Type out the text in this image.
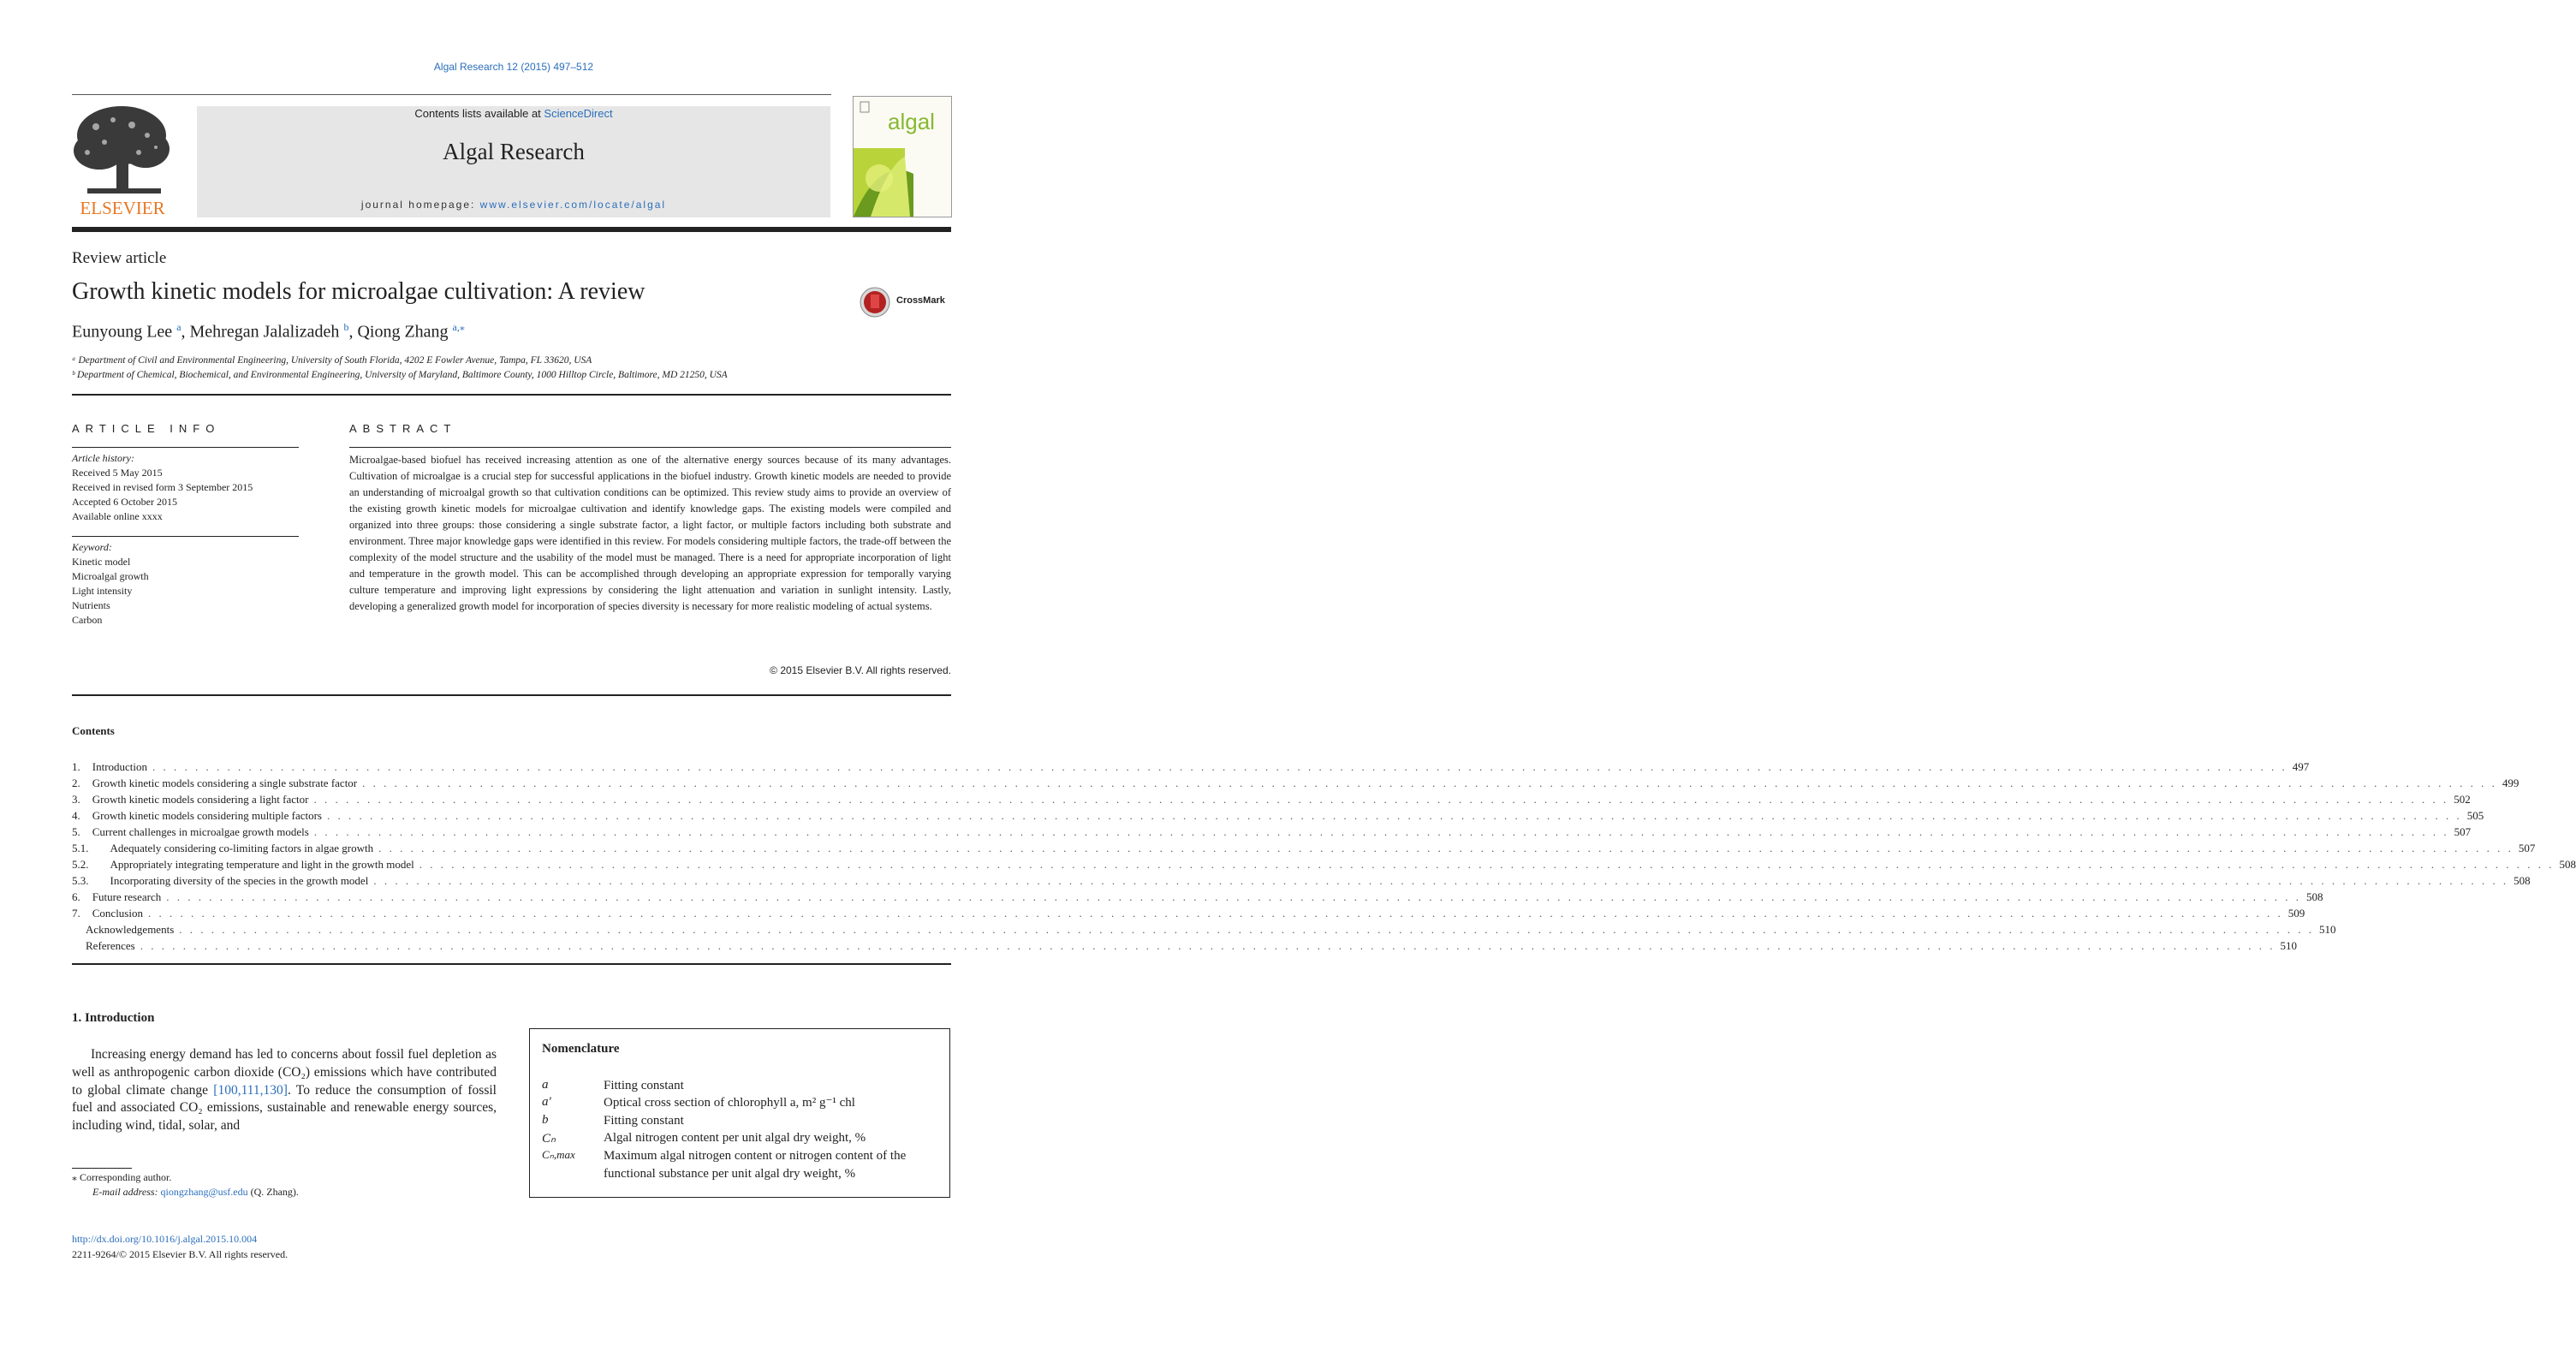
Algal Research 12 (2015) 497–512
ELSEVIER
Contents lists available at ScienceDirect
Algal Research
journal homepage: www.elsevier.com/locate/algal
algal
Review article
Growth kinetic models for microalgae cultivation: A review	CrossMark
Eunyoung Lee $^a$, Mehregan Jalalizadeh $^b$, Qiong Zhang $^{a,⁎}$
ᵃ Department of Civil and Environmental Engineering, University of South Florida, 4202 E Fowler Avenue, Tampa, FL 33620, USA
ᵇ Department of Chemical, Biochemical, and Environmental Engineering, University of Maryland, Baltimore County, 1000 Hilltop Circle, Baltimore, MD 21250, USA
ARTICLE INFO
Article history:
Received 5 May 2015
Received in revised form 3 September 2015
Accepted 6 October 2015
Available online xxxx
Keyword:
Kinetic model
Microalgal growth
Light intensity
Nutrients
Carbon
ABSTRACT
Microalgae-based biofuel has received increasing attention as one of the alternative energy sources because of its many advantages. Cultivation of microalgae is a crucial step for successful applications in the biofuel industry. Growth kinetic models are needed to provide an understanding of microalgal growth so that cultivation conditions can be optimized. This review study aims to provide an overview of the existing growth kinetic models for microalgae cultivation and identify knowledge gaps. The existing models were compiled and organized into three groups: those considering a single substrate factor, a light factor, or multiple factors including both substrate and environment. Three major knowledge gaps were identified in this review. For models considering multiple factors, the trade-off between the complexity of the model structure and the usability of the model must be managed. There is a need for appropriate incorporation of light and temperature in the growth model. This can be accomplished through developing an appropriate expression for temporally varying culture temperature and improving light expressions by considering the light attenuation and variation in sunlight intensity. Lastly, developing a generalized growth model for incorporation of species diversity is necessary for more realistic modeling of actual systems.
© 2015 Elsevier B.V. All rights reserved.
Contents
1.	Introduction . . . . . . . . . . . . . . . . . . . . . . . . . . . . . . . . . . . . . . . . . . . . . . . . . . . . . . . . . . . . . . . . . . . . . . . . . . . . . . . . . . . . . . . . . . . . . . . . . . . . . . . . . . . . . . . . . . . . . . . . . . . . . . . . . . . . . . . . . . . . . . . . . . . . . . . . . . . . . . . . . . . . . . . . . . . . . . . . . . . . . . . . . . . . . . . . . . . . . . . . 497
2.	Growth kinetic models considering a single substrate factor . . . . . . . . . . . . . . . . . . . . . . . . . . . . . . . . . . . . . . . . . . . . . . . . . . . . . . . . . . . . . . . . . . . . . . . . . . . . . . . . . . . . . . . . . . . . . . . . . . . . . . . . . . . . . . . . . . . . . . . . . . . . . . . . . . . . . . . . . . . . . . . . . . . . . . . . . . . . . . . . . . . . . . . . . . . . . . . . . . . . . . . . . . . . . . . . . . . . . . . . 499
3.	Growth kinetic models considering a light factor . . . . . . . . . . . . . . . . . . . . . . . . . . . . . . . . . . . . . . . . . . . . . . . . . . . . . . . . . . . . . . . . . . . . . . . . . . . . . . . . . . . . . . . . . . . . . . . . . . . . . . . . . . . . . . . . . . . . . . . . . . . . . . . . . . . . . . . . . . . . . . . . . . . . . . . . . . . . . . . . . . . . . . . . . . . . . . . . . . . . . . . . . . . . . . . . . . . . . . . . 502
4.	Growth kinetic models considering multiple factors . . . . . . . . . . . . . . . . . . . . . . . . . . . . . . . . . . . . . . . . . . . . . . . . . . . . . . . . . . . . . . . . . . . . . . . . . . . . . . . . . . . . . . . . . . . . . . . . . . . . . . . . . . . . . . . . . . . . . . . . . . . . . . . . . . . . . . . . . . . . . . . . . . . . . . . . . . . . . . . . . . . . . . . . . . . . . . . . . . . . . . . . . . . . . . . . . . . . . . . . 505
5.	Current challenges in microalgae growth models . . . . . . . . . . . . . . . . . . . . . . . . . . . . . . . . . . . . . . . . . . . . . . . . . . . . . . . . . . . . . . . . . . . . . . . . . . . . . . . . . . . . . . . . . . . . . . . . . . . . . . . . . . . . . . . . . . . . . . . . . . . . . . . . . . . . . . . . . . . . . . . . . . . . . . . . . . . . . . . . . . . . . . . . . . . . . . . . . . . . . . . . . . . . . . . . . . . . . . . . 507
5.1.	Adequately considering co-limiting factors in algae growth . . . . . . . . . . . . . . . . . . . . . . . . . . . . . . . . . . . . . . . . . . . . . . . . . . . . . . . . . . . . . . . . . . . . . . . . . . . . . . . . . . . . . . . . . . . . . . . . . . . . . . . . . . . . . . . . . . . . . . . . . . . . . . . . . . . . . . . . . . . . . . . . . . . . . . . . . . . . . . . . . . . . . . . . . . . . . . . . . . . . . . . . . . . . . . . . . . . . . . . . 507
5.2.	Appropriately integrating temperature and light in the growth model . . . . . . . . . . . . . . . . . . . . . . . . . . . . . . . . . . . . . . . . . . . . . . . . . . . . . . . . . . . . . . . . . . . . . . . . . . . . . . . . . . . . . . . . . . . . . . . . . . . . . . . . . . . . . . . . . . . . . . . . . . . . . . . . . . . . . . . . . . . . . . . . . . . . . . . . . . . . . . . . . . . . . . . . . . . . . . . . . . . . . . . . . . . . . . . . . . . . . . . . 508
5.3.	Incorporating diversity of the species in the growth model . . . . . . . . . . . . . . . . . . . . . . . . . . . . . . . . . . . . . . . . . . . . . . . . . . . . . . . . . . . . . . . . . . . . . . . . . . . . . . . . . . . . . . . . . . . . . . . . . . . . . . . . . . . . . . . . . . . . . . . . . . . . . . . . . . . . . . . . . . . . . . . . . . . . . . . . . . . . . . . . . . . . . . . . . . . . . . . . . . . . . . . . . . . . . . . . . . . . . . . . 508
6.	Future research . . . . . . . . . . . . . . . . . . . . . . . . . . . . . . . . . . . . . . . . . . . . . . . . . . . . . . . . . . . . . . . . . . . . . . . . . . . . . . . . . . . . . . . . . . . . . . . . . . . . . . . . . . . . . . . . . . . . . . . . . . . . . . . . . . . . . . . . . . . . . . . . . . . . . . . . . . . . . . . . . . . . . . . . . . . . . . . . . . . . . . . . . . . . . . . . . . . . . . . . 508
7.	Conclusion . . . . . . . . . . . . . . . . . . . . . . . . . . . . . . . . . . . . . . . . . . . . . . . . . . . . . . . . . . . . . . . . . . . . . . . . . . . . . . . . . . . . . . . . . . . . . . . . . . . . . . . . . . . . . . . . . . . . . . . . . . . . . . . . . . . . . . . . . . . . . . . . . . . . . . . . . . . . . . . . . . . . . . . . . . . . . . . . . . . . . . . . . . . . . . . . . . . . . . . . 509
Acknowledgements . . . . . . . . . . . . . . . . . . . . . . . . . . . . . . . . . . . . . . . . . . . . . . . . . . . . . . . . . . . . . . . . . . . . . . . . . . . . . . . . . . . . . . . . . . . . . . . . . . . . . . . . . . . . . . . . . . . . . . . . . . . . . . . . . . . . . . . . . . . . . . . . . . . . . . . . . . . . . . . . . . . . . . . . . . . . . . . . . . . . . . . . . . . . . . . . . . . . . . . . 510
References . . . . . . . . . . . . . . . . . . . . . . . . . . . . . . . . . . . . . . . . . . . . . . . . . . . . . . . . . . . . . . . . . . . . . . . . . . . . . . . . . . . . . . . . . . . . . . . . . . . . . . . . . . . . . . . . . . . . . . . . . . . . . . . . . . . . . . . . . . . . . . . . . . . . . . . . . . . . . . . . . . . . . . . . . . . . . . . . . . . . . . . . . . . . . . . . . . . . . . . . 510
1. Introduction
Increasing energy demand has led to concerns about fossil fuel depletion as well as anthropogenic carbon dioxide (CO₂) emissions which have contributed to global climate change [100,111,130]. To reduce the consumption of fossil fuel and associated CO₂ emissions, sustainable and renewable energy sources, including wind, tidal, solar, and
Nomenclature
a	Fitting constant
a′	Optical cross section of chlorophyll a, m² g⁻¹ chl
b	Fitting constant
Cₙ	Algal nitrogen content per unit algal dry weight, %
Cₙ,max Maximum algal nitrogen content or nitrogen content of the functional substance per unit algal dry weight, %
⁎ Corresponding author.
E-mail address: qiongzhang@usf.edu (Q. Zhang).
http://dx.doi.org/10.1016/j.algal.2015.10.004
2211-9264/© 2015 Elsevier B.V. All rights reserved.
